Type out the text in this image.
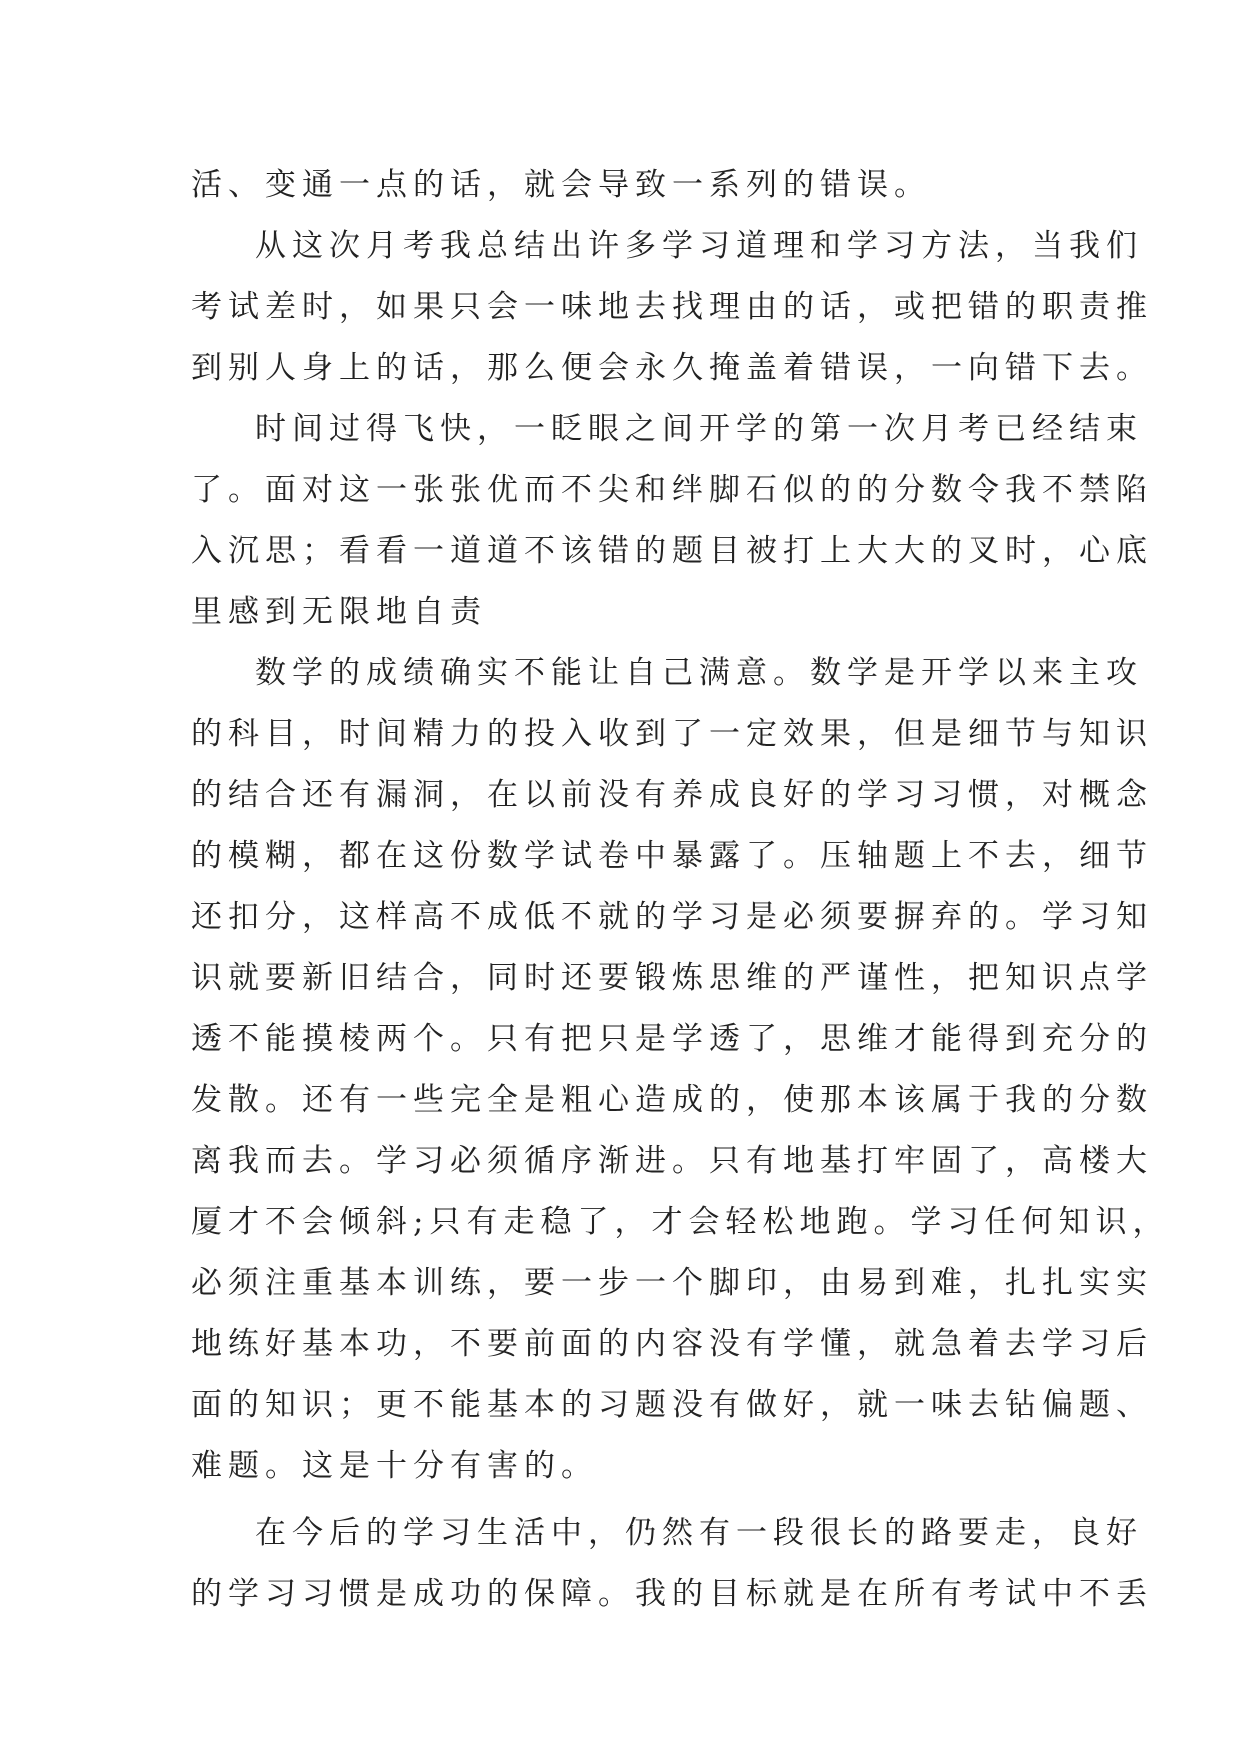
活、变通一点的话，就会导致一系列的错误。
从这次月考我总结出许多学习道理和学习方法，当我们
考试差时，如果只会一味地去找理由的话，或把错的职责推
到别人身上的话，那么便会永久掩盖着错误，一向错下去。
时间过得飞快，一眨眼之间开学的第一次月考已经结束
了。面对这一张张优而不尖和绊脚石似的的分数令我不禁陷
入沉思；看看一道道不该错的题目被打上大大的叉时，心底
里感到无限地自责
数学的成绩确实不能让自己满意。数学是开学以来主攻
的科目，时间精力的投入收到了一定效果，但是细节与知识
的结合还有漏洞，在以前没有养成良好的学习习惯，对概念
的模糊，都在这份数学试卷中暴露了。压轴题上不去，细节
还扣分，这样高不成低不就的学习是必须要摒弃的。学习知
识就要新旧结合，同时还要锻炼思维的严谨性，把知识点学
透不能摸棱两个。只有把只是学透了，思维才能得到充分的
发散。还有一些完全是粗心造成的，使那本该属于我的分数
离我而去。学习必须循序渐进。只有地基打牢固了，高楼大
厦才不会倾斜;只有走稳了，才会轻松地跑。学习任何知识，
必须注重基本训练，要一步一个脚印，由易到难，扎扎实实
地练好基本功，不要前面的内容没有学懂，就急着去学习后
面的知识；更不能基本的习题没有做好，就一味去钻偏题、
难题。这是十分有害的。
在今后的学习生活中，仍然有一段很长的路要走，良好
的学习习惯是成功的保障。我的目标就是在所有考试中不丢
